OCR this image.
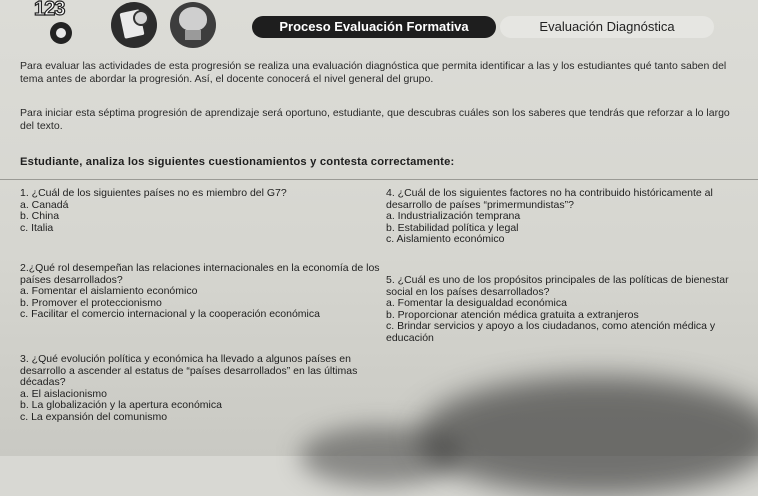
123
Proceso Evaluación Formativa	Evaluación Diagnóstica
Para evaluar las actividades de esta progresión se realiza una evaluación diagnóstica que permita identificar a las y los estudiantes qué tanto saben del tema antes de abordar la progresión. Así, el docente conocerá el nivel general del grupo.
Para iniciar esta séptima progresión de aprendizaje será oportuno, estudiante, que descubras cuáles son los saberes que tendrás que reforzar a lo largo del texto.
Estudiante, analiza los siguientes cuestionamientos y contesta correctamente:
1. ¿Cuál de los siguientes países no es miembro del G7?
a. Canadá
b. China
c. Italia
2.¿Qué rol desempeñan las relaciones internacionales en la economía de los países desarrollados?
a. Fomentar el aislamiento económico
b. Promover el proteccionismo
c. Facilitar el comercio internacional y la cooperación económica
3. ¿Qué evolución política y económica ha llevado a algunos países en desarrollo a ascender al estatus de “países desarrollados” en las últimas décadas?
a. El aislacionismo
b. La globalización y la apertura económica
c. La expansión del comunismo
4. ¿Cuál de los siguientes factores no ha contribuido históricamente al desarrollo de países “primermundistas”?
a. Industrialización temprana
b. Estabilidad política y legal
c. Aislamiento económico
5. ¿Cuál es uno de los propósitos principales de las políticas de bienestar social en los países desarrollados?
a. Fomentar la desigualdad económica
b. Proporcionar atención médica gratuita a extranjeros
c. Brindar servicios y apoyo a los ciudadanos, como atención médica y educación
